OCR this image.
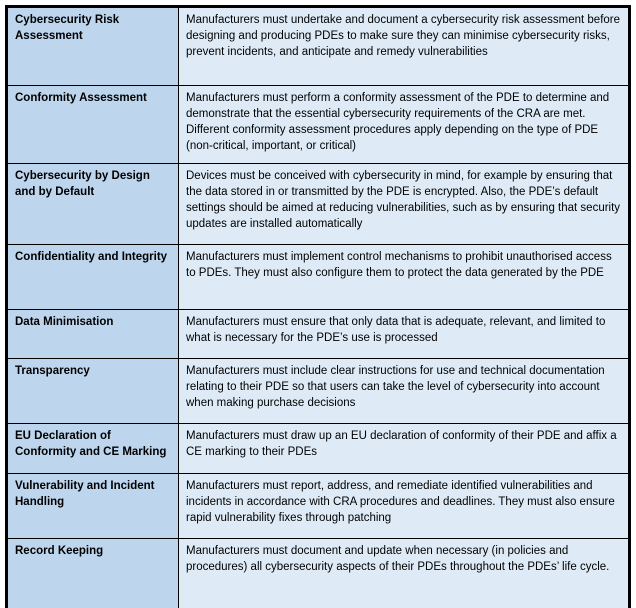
Cybersecurity Risk Assessment	Manufacturers must undertake and document a cybersecurity risk assessment before designing and producing PDEs to make sure they can minimise cybersecurity risks, prevent incidents, and anticipate and remedy vulnerabilities
Conformity Assessment	Manufacturers must perform a conformity assessment of the PDE to determine and demonstrate that the essential cybersecurity requirements of the CRA are met. Different conformity assessment procedures apply depending on the type of PDE (non-critical, important, or critical)
Cybersecurity by Design and by Default	Devices must be conceived with cybersecurity in mind, for example by ensuring that the data stored in or transmitted by the PDE is encrypted. Also, the PDE’s default settings should be aimed at reducing vulnerabilities, such as by ensuring that security updates are installed automatically
Confidentiality and Integrity	Manufacturers must implement control mechanisms to prohibit unauthorised access to PDEs. They must also configure them to protect the data generated by the PDE
Data Minimisation	Manufacturers must ensure that only data that is adequate, relevant, and limited to what is necessary for the PDE’s use is processed
Transparency	Manufacturers must include clear instructions for use and technical documentation relating to their PDE so that users can take the level of cybersecurity into account when making purchase decisions
EU Declaration of Conformity and CE Marking	Manufacturers must draw up an EU declaration of conformity of their PDE and affix a CE marking to their PDEs
Vulnerability and Incident Handling	Manufacturers must report, address, and remediate identified vulnerabilities and incidents in accordance with CRA procedures and deadlines. They must also ensure rapid vulnerability fixes through patching
Record Keeping	Manufacturers must document and update when necessary (in policies and procedures) all cybersecurity aspects of their PDEs throughout the PDEs’ life cycle.
